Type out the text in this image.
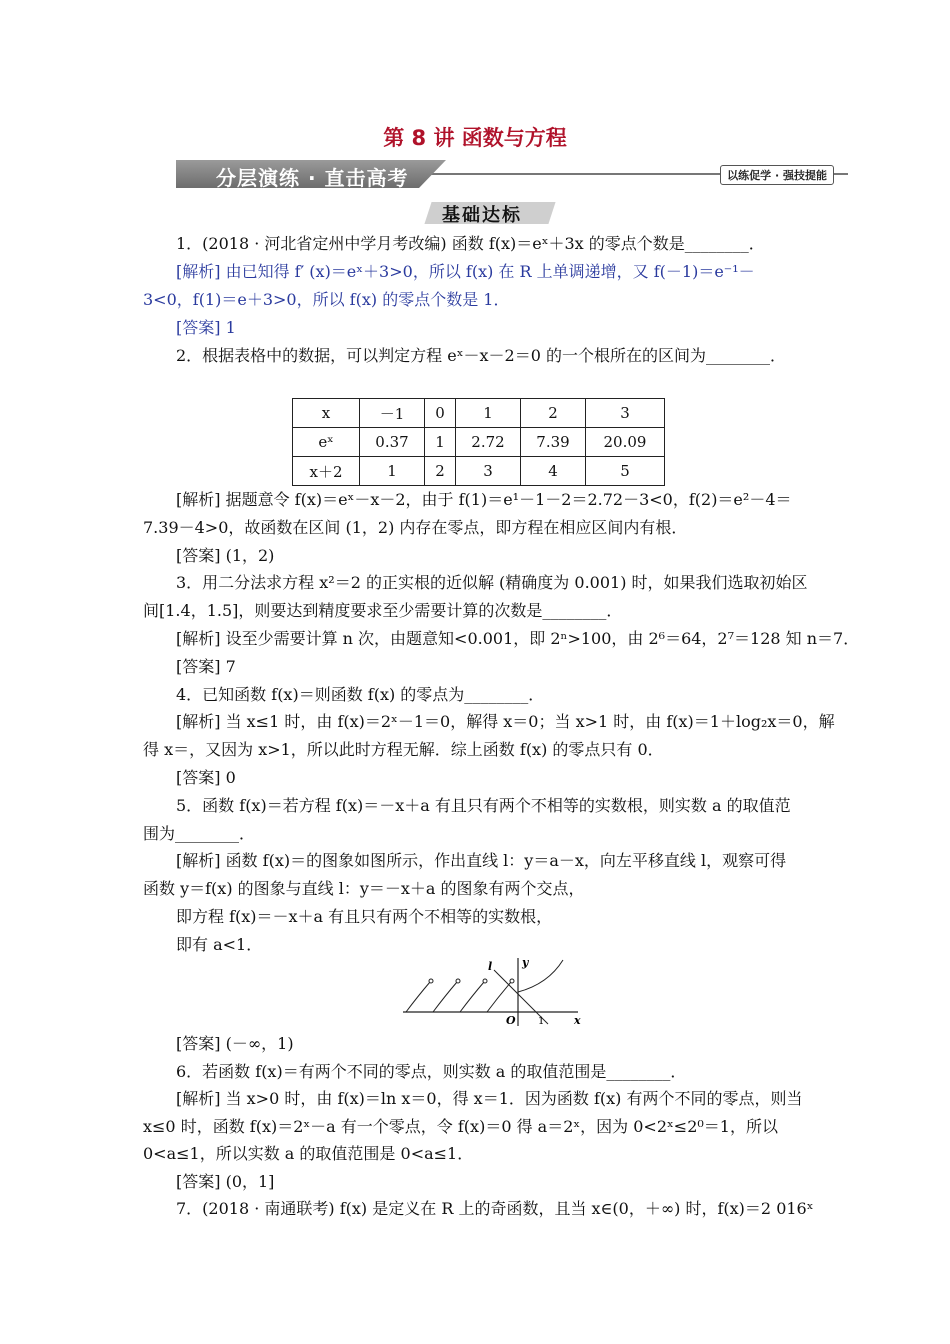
第 8 讲 函数与方程
分层演练 · 直击高考	以练促学 · 强技提能
基础达标
1．(2018 · 河北省定州中学月考改编) 函数 f(x)＝eˣ＋3x 的零点个数是________．
[解析] 由已知得 f′ (x)＝eˣ＋3>0，所以 f(x) 在 R 上单调递增，又 f(－1)＝e⁻¹－
3<0，f(1)＝e＋3>0，所以 f(x) 的零点个数是 1．
[答案] 1
2．根据表格中的数据，可以判定方程 eˣ－x－2＝0 的一个根所在的区间为________．
x	－1	0	1	2	3
eˣ	0.37	1	2.72	7.39	20.09
x＋2	1	2	3	4	5
[解析] 据题意令 f(x)＝eˣ－x－2，由于 f(1)＝e¹－1－2＝2.72－3<0，f(2)＝e²－4＝
7.39－4>0，故函数在区间 (1，2) 内存在零点，即方程在相应区间内有根．
[答案] (1，2)
3．用二分法求方程 x²＝2 的正实根的近似解 (精确度为 0.001) 时，如果我们选取初始区
间[1.4，1.5]，则要达到精度要求至少需要计算的次数是________．
[解析] 设至少需要计算 n 次，由题意知<0.001，即 2ⁿ>100，由 2⁶＝64，2⁷＝128 知 n＝7．
[答案] 7
4．已知函数 f(x)＝则函数 f(x) 的零点为________．
[解析] 当 x≤1 时，由 f(x)＝2ˣ－1＝0，解得 x＝0；当 x>1 时，由 f(x)＝1＋log₂x＝0，解
得 x＝，又因为 x>1，所以此时方程无解．综上函数 f(x) 的零点只有 0．
[答案] 0
5．函数 f(x)＝若方程 f(x)＝－x＋a 有且只有两个不相等的实数根，则实数 a 的取值范
围为________．
[解析] 函数 f(x)＝的图象如图所示，作出直线 l：y＝a－x，向左平移直线 l，观察可得
函数 y＝f(x) 的图象与直线 l：y＝－x＋a 的图象有两个交点，
即方程 f(x)＝－x＋a 有且只有两个不相等的实数根，
即有 a<1．
l	y
O 1	x
[答案] (－∞，1)
6．若函数 f(x)＝有两个不同的零点，则实数 a 的取值范围是________．
[解析] 当 x>0 时，由 f(x)＝ln x＝0，得 x＝1．因为函数 f(x) 有两个不同的零点，则当
x≤0 时，函数 f(x)＝2ˣ－a 有一个零点，令 f(x)＝0 得 a＝2ˣ，因为 0<2ˣ≤2⁰＝1，所以
0<a≤1，所以实数 a 的取值范围是 0<a≤1．
[答案] (0，1]
7．(2018 · 南通联考) f(x) 是定义在 R 上的奇函数，且当 x∈(0，＋∞) 时，f(x)＝2 016ˣ
